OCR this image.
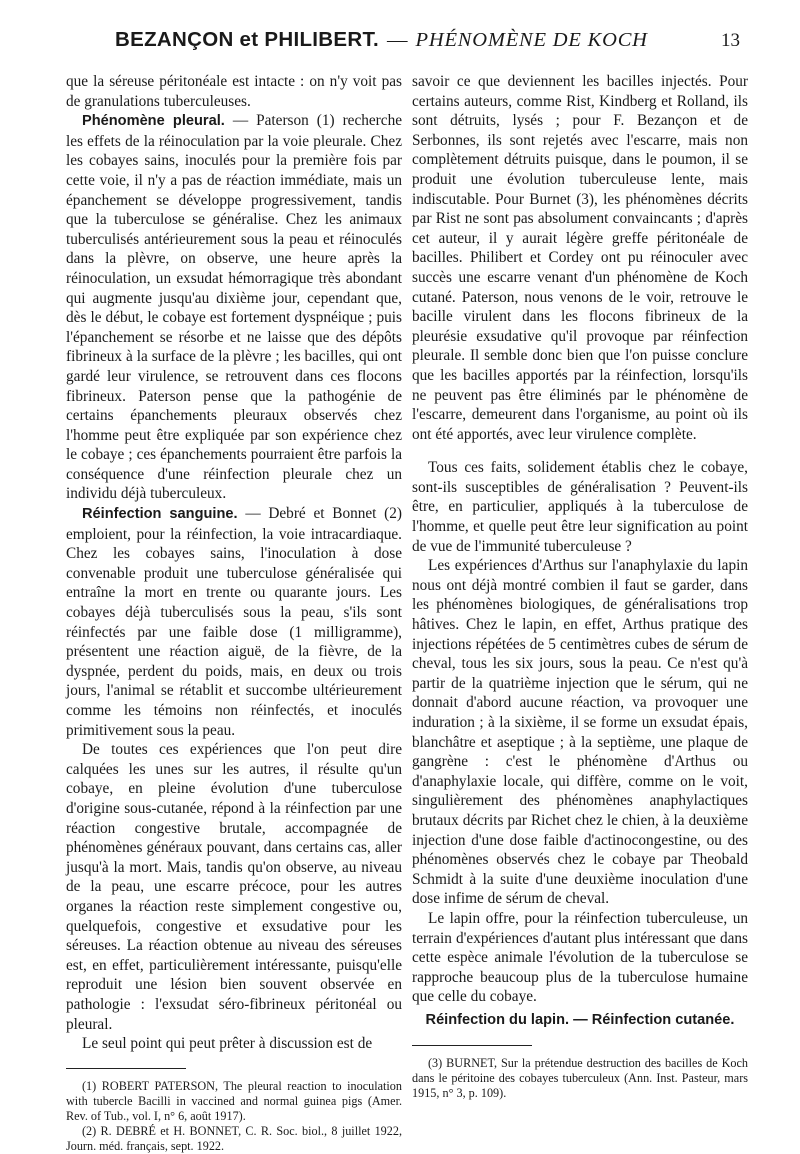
BEZANÇON et PHILIBERT. — PHÉNOMÈNE DE KOCH	13

que la séreuse péritonéale est intacte : on n'y voit pas de granulations tuberculeuses.

Phénomène pleural. — Paterson (1) recherche les effets de la réinoculation par la voie pleurale. Chez les cobayes sains, inoculés pour la première fois par cette voie, il n'y a pas de réaction immédiate, mais un épanchement se développe progressivement, tandis que la tuberculose se généralise. Chez les animaux tuberculisés antérieurement sous la peau et réinoculés dans la plèvre, on observe, une heure après la réinoculation, un exsudat hémorragique très abondant qui augmente jusqu'au dixième jour, cependant que, dès le début, le cobaye est fortement dyspnéique ; puis l'épanchement se résorbe et ne laisse que des dépôts fibrineux à la surface de la plèvre ; les bacilles, qui ont gardé leur virulence, se retrouvent dans ces flocons fibrineux. Paterson pense que la pathogénie de certains épanchements pleuraux observés chez l'homme peut être expliquée par son expérience chez le cobaye ; ces épanchements pourraient être parfois la conséquence d'une réinfection pleurale chez un individu déjà tuberculeux.

Réinfection sanguine. — Debré et Bonnet (2) emploient, pour la réinfection, la voie intracardiaque. Chez les cobayes sains, l'inoculation à dose convenable produit une tuberculose généralisée qui entraîne la mort en trente ou quarante jours. Les cobayes déjà tuberculisés sous la peau, s'ils sont réinfectés par une faible dose (1 milligramme), présentent une réaction aiguë, de la fièvre, de la dyspnée, perdent du poids, mais, en deux ou trois jours, l'animal se rétablit et succombe ultérieurement comme les témoins non réinfectés, et inoculés primitivement sous la peau.

De toutes ces expériences que l'on peut dire calquées les unes sur les autres, il résulte qu'un cobaye, en pleine évolution d'une tuberculose d'origine sous-cutanée, répond à la réinfection par une réaction congestive brutale, accompagnée de phénomènes généraux pouvant, dans certains cas, aller jusqu'à la mort. Mais, tandis qu'on observe, au niveau de la peau, une escarre précoce, pour les autres organes la réaction reste simplement congestive ou, quelquefois, congestive et exsudative pour les séreuses. La réaction obtenue au niveau des séreuses est, en effet, particulièrement intéressante, puisqu'elle reproduit une lésion bien souvent observée en pathologie : l'exsudat séro-fibrineux péritonéal ou pleural.

Le seul point qui peut prêter à discussion est de

(1) ROBERT PATERSON, The pleural reaction to inoculation with tubercle Bacilli in vaccined and normal guinea pigs (Amer. Rev. of Tub., vol. I, n° 6, août 1917).

(2) R. DEBRÉ et H. BONNET, C. R. Soc. biol., 8 juillet 1922, Journ. méd. français, sept. 1922.

savoir ce que deviennent les bacilles injectés. Pour certains auteurs, comme Rist, Kindberg et Rolland, ils sont détruits, lysés ; pour F. Bezançon et de Serbonnes, ils sont rejetés avec l'escarre, mais non complètement détruits puisque, dans le poumon, il se produit une évolution tuberculeuse lente, mais indiscutable. Pour Burnet (3), les phénomènes décrits par Rist ne sont pas absolument convaincants ; d'après cet auteur, il y aurait légère greffe péritonéale de bacilles. Philibert et Cordey ont pu réinoculer avec succès une escarre venant d'un phénomène de Koch cutané. Paterson, nous venons de le voir, retrouve le bacille virulent dans les flocons fibrineux de la pleurésie exsudative qu'il provoque par réinfection pleurale. Il semble donc bien que l'on puisse conclure que les bacilles apportés par la réinfection, lorsqu'ils ne peuvent pas être éliminés par le phénomène de l'escarre, demeurent dans l'organisme, au point où ils ont été apportés, avec leur virulence complète.

Tous ces faits, solidement établis chez le cobaye, sont-ils susceptibles de généralisation ? Peuvent-ils être, en particulier, appliqués à la tuberculose de l'homme, et quelle peut être leur signification au point de vue de l'immunité tuberculeuse ?

Les expériences d'Arthus sur l'anaphylaxie du lapin nous ont déjà montré combien il faut se garder, dans les phénomènes biologiques, de généralisations trop hâtives. Chez le lapin, en effet, Arthus pratique des injections répétées de 5 centimètres cubes de sérum de cheval, tous les six jours, sous la peau. Ce n'est qu'à partir de la quatrième injection que le sérum, qui ne donnait d'abord aucune réaction, va provoquer une induration ; à la sixième, il se forme un exsudat épais, blanchâtre et aseptique ; à la septième, une plaque de gangrène : c'est le phénomène d'Arthus ou d'anaphylaxie locale, qui diffère, comme on le voit, singulièrement des phénomènes anaphylactiques brutaux décrits par Richet chez le chien, à la deuxième injection d'une dose faible d'actinocongestine, ou des phénomènes observés chez le cobaye par Theobald Schmidt à la suite d'une deuxième inoculation d'une dose infime de sérum de cheval.

Le lapin offre, pour la réinfection tuberculeuse, un terrain d'expériences d'autant plus intéressant que dans cette espèce animale l'évolution de la tuberculose se rapproche beaucoup plus de la tuberculose humaine que celle du cobaye.

Réinfection du lapin. — Réinfection cutanée.

(3) BURNET, Sur la prétendue destruction des bacilles de Koch dans le péritoine des cobayes tuberculeux (Ann. Inst. Pasteur, mars 1915, n° 3, p. 109).
